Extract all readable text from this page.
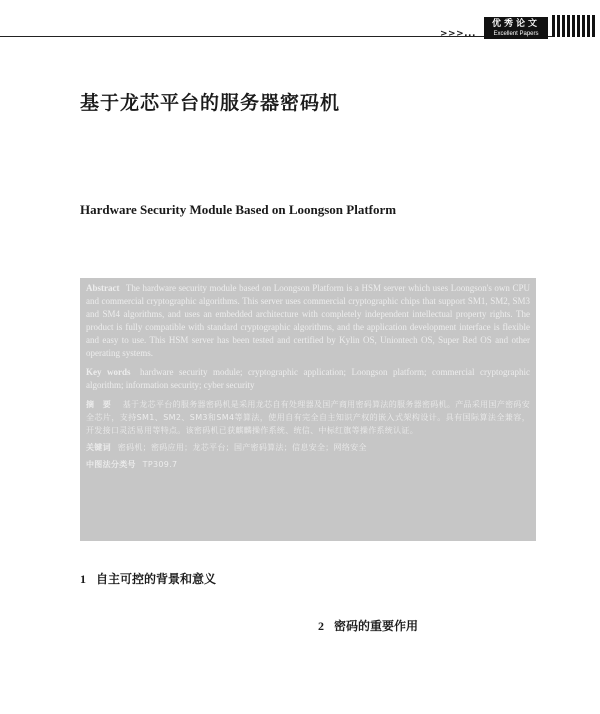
>>>...
优秀论文
Excellent Papers
基于龙芯平台的服务器密码机
Hardware Security Module Based on Loongson Platform

Abstract The hardware security module based on Loongson Platform is a HSM server which uses Loongson's own CPU and commercial cryptographic algorithms. This server uses commercial cryptographic chips that support SM1, SM2, SM3 and SM4 algorithms, and uses an embedded architecture with completely independent intellectual property rights. The product is fully compatible with standard cryptographic algorithms, and the application development interface is flexible and easy to use. This HSM server has been tested and certified by Kylin OS, Uniontech OS, Super Red OS and other operating systems.

Key words hardware security module; cryptographic application; Loongson platform; commercial cryptographic algorithm; information security; cyber security

摘 要 基于龙芯平台的服务器密码机是采用龙芯自有处理器及国产商用密码算法的服务器密码机。产品采用国产密码安全芯片，支持SM1、SM2、SM3和SM4等算法，使用自有完全自主知识产权的嵌入式架构设计。具有国际算法全兼容，开发接口灵活易用等特点。该密码机已获麒麟操作系统、统信、中标红旗等操作系统认证。

关键词 密码机；密码应用；龙芯平台；国产密码算法；信息安全；网络安全

中图法分类号 TP309.7

1 自主可控的背景和意义
2 密码的重要作用
